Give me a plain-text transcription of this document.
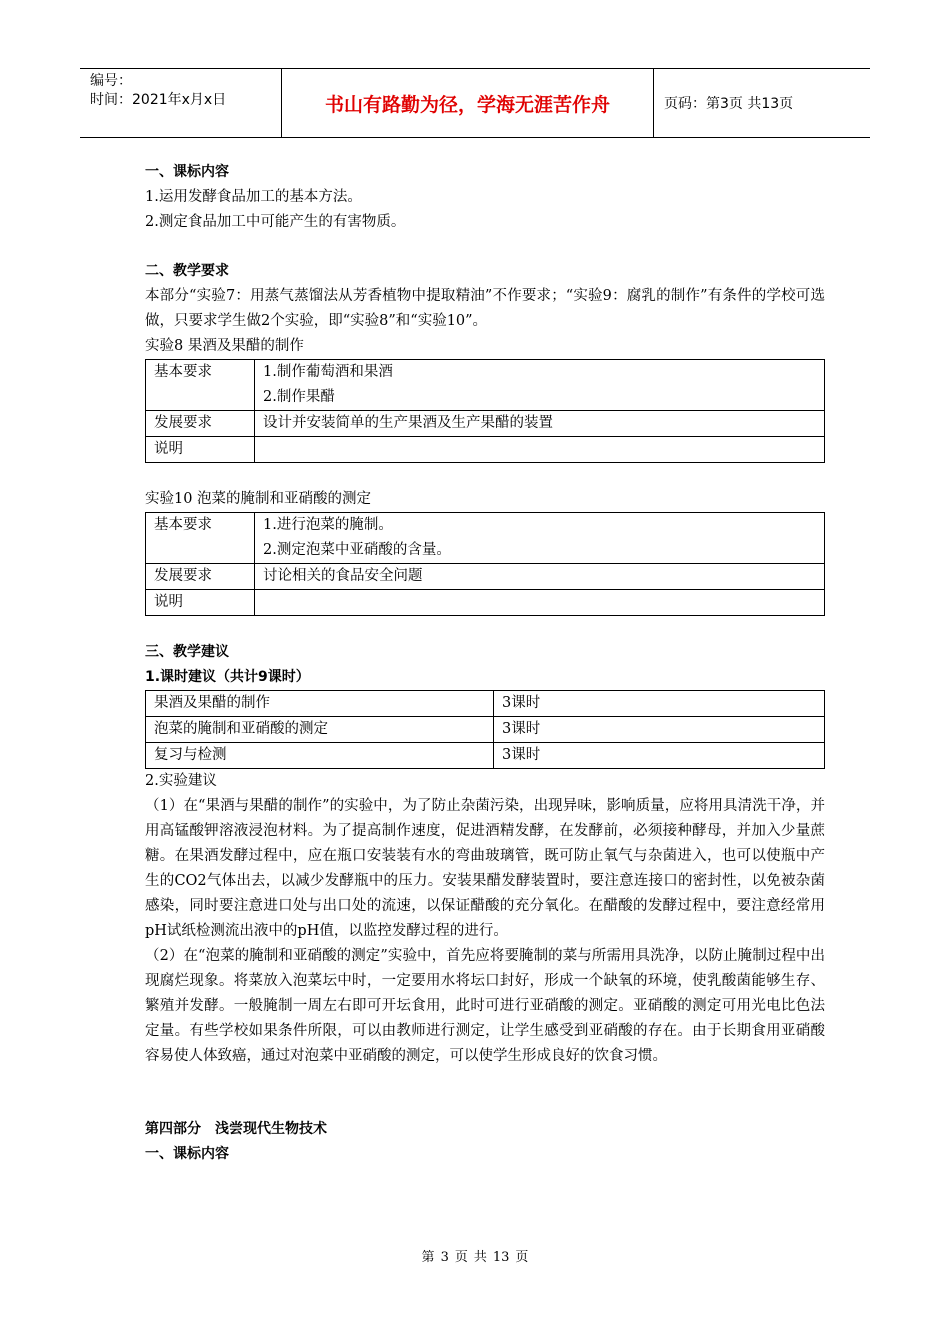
编号：
时间：2021年x月x日	书山有路勤为径，学海无涯苦作舟	页码：第3页 共13页

一、课标内容

1.运用发酵食品加工的基本方法。

2.测定食品加工中可能产生的有害物质。

二、教学要求

本部分“实验7：用蒸气蒸馏法从芳香植物中提取精油”不作要求；“实验9：腐乳的制作”有条件的学校可选做，只要求学生做2个实验，即“实验8”和“实验10”。

实验8 果酒及果醋的制作

基本要求	1.制作葡萄酒和果酒
2.制作果醋

发展要求	设计并安装简单的生产果酒及生产果醋的装置
说明	

实验10 泡菜的腌制和亚硝酸的测定

基本要求	1.进行泡菜的腌制。
2.测定泡菜中亚硝酸的含量。

发展要求	讨论相关的食品安全问题
说明	

三、教学建议

1.课时建议（共计9课时）

果酒及果醋的制作	3课时
泡菜的腌制和亚硝酸的测定	3课时
复习与检测	3课时

2.实验建议

（1）在“果酒与果醋的制作”的实验中，为了防止杂菌污染，出现异味，影响质量，应将用具清洗干净，并用高锰酸钾溶液浸泡材料。为了提高制作速度，促进酒精发酵，在发酵前，必须接种酵母，并加入少量蔗糖。在果酒发酵过程中，应在瓶口安装装有水的弯曲玻璃管，既可防止氧气与杂菌进入，也可以使瓶中产生的CO2气体出去，以减少发酵瓶中的压力。安装果醋发酵装置时，要注意连接口的密封性，以免被杂菌感染，同时要注意进口处与出口处的流速，以保证醋酸的充分氧化。在醋酸的发酵过程中，要注意经常用pH试纸检测流出液中的pH值，以监控发酵过程的进行。

（2）在“泡菜的腌制和亚硝酸的测定”实验中，首先应将要腌制的菜与所需用具洗净，以防止腌制过程中出现腐烂现象。将菜放入泡菜坛中时，一定要用水将坛口封好，形成一个缺氧的环境，使乳酸菌能够生存、繁殖并发酵。一般腌制一周左右即可开坛食用，此时可进行亚硝酸的测定。亚硝酸的测定可用光电比色法定量。有些学校如果条件所限，可以由教师进行测定，让学生感受到亚硝酸的存在。由于长期食用亚硝酸容易使人体致癌，通过对泡菜中亚硝酸的测定，可以使学生形成良好的饮食习惯。

第四部分　浅尝现代生物技术

一、课标内容

第 3 页 共 13 页
